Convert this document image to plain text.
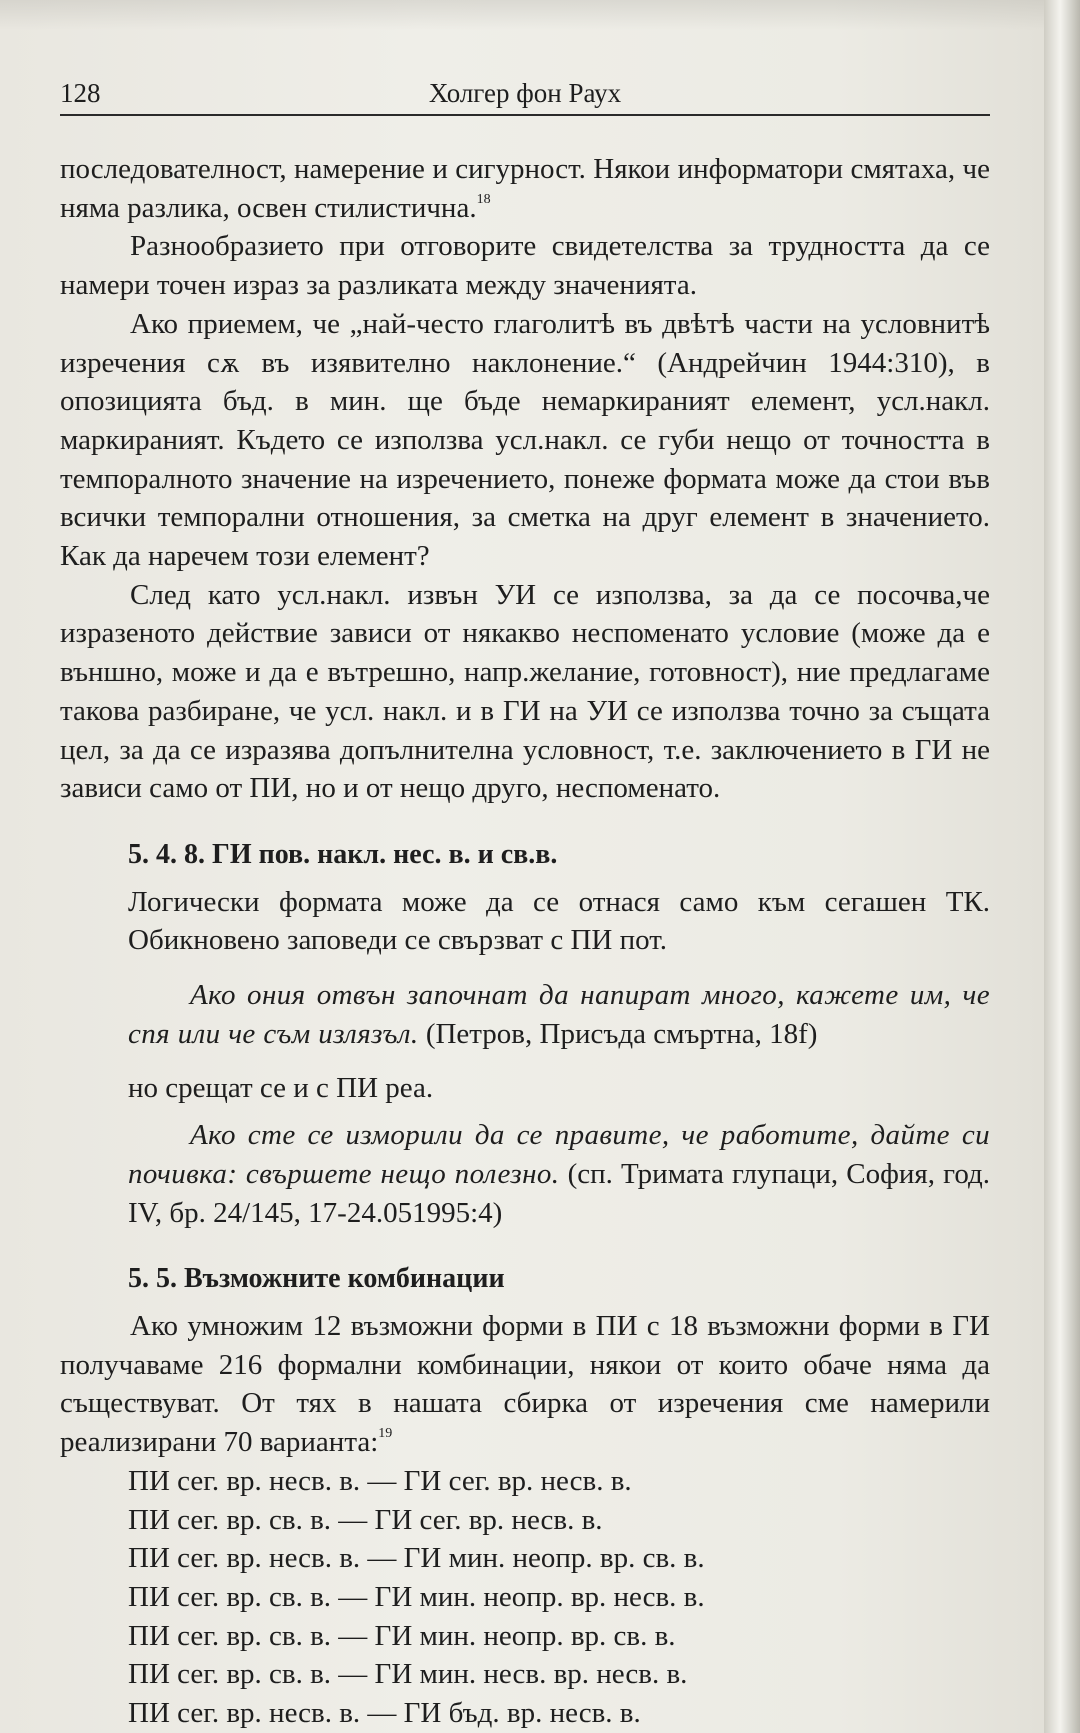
128	Холгер фон Раух

последователност, намерение и сигурност. Някои информатори смятаха, че няма разлика, освен стилистична.$^{18}$

Разнообразието при отговорите свидетелства за трудността да се намери точен израз за разликата между значенията.

Ако приемем, че „най-често глаголитѣ въ двѣтѣ части на условнитѣ изречения сѫ въ изявително наклонение.“ (Андрейчин 1944:310), в опозицията бъд. в мин. ще бъде немаркираният елемент, усл.накл. маркираният. Където се използва усл.накл. се губи нещо от точността в темпоралното значение на изречението, понеже формата може да стои във всички темпорални отношения, за сметка на друг елемент в значението. Как да наречем този елемент?

След като усл.накл. извън УИ се използва, за да се посочва,че изразеното действие зависи от някакво неспоменато условие (може да е външно, може и да е вътрешно, напр.желание, готовност), ние предлагаме такова разбиране, че усл. накл. и в ГИ на УИ се използва точно за същата цел, за да се изразява допълнителна условност, т.е. заключението в ГИ не зависи само от ПИ, но и от нещо друго, неспоменато.

5. 4. 8. ГИ пов. накл. нес. в. и св.в.

Логически формата може да се отнася само към сегашен ТК. Обикновено заповеди се свързват с ПИ пот.

Ако ония отвън започнат да напират много, кажете им, че спя или че съм излязъл. (Петров, Присъда смъртна, 18f)

но срещат се и с ПИ реа.

Ако сте се изморили да се правите, че работите, дайте си почивка: свършете нещо полезно. (сп. Тримата глупаци, София, год. IV, бр. 24/145, 17-24.051995:4)

5. 5. Възможните комбинации

Ако умножим 12 възможни форми в ПИ с 18 възможни форми в ГИ получаваме 216 формални комбинации, някои от които обаче няма да съществуват. От тях в нашата сбирка от изречения сме намерили реализирани 70 варианта:$^{19}$

ПИ сег. вр. несв. в. — ГИ сег. вр. несв. в.
ПИ сег. вр. св. в. — ГИ сег. вр. несв. в.
ПИ сег. вр. несв. в. — ГИ мин. неопр. вр. св. в.
ПИ сег. вр. св. в. — ГИ мин. неопр. вр. несв. в.
ПИ сег. вр. св. в. — ГИ мин. неопр. вр. св. в.
ПИ сег. вр. св. в. — ГИ мин. несв. вр. несв. в.
ПИ сег. вр. несв. в. — ГИ бъд. вр. несв. в.
